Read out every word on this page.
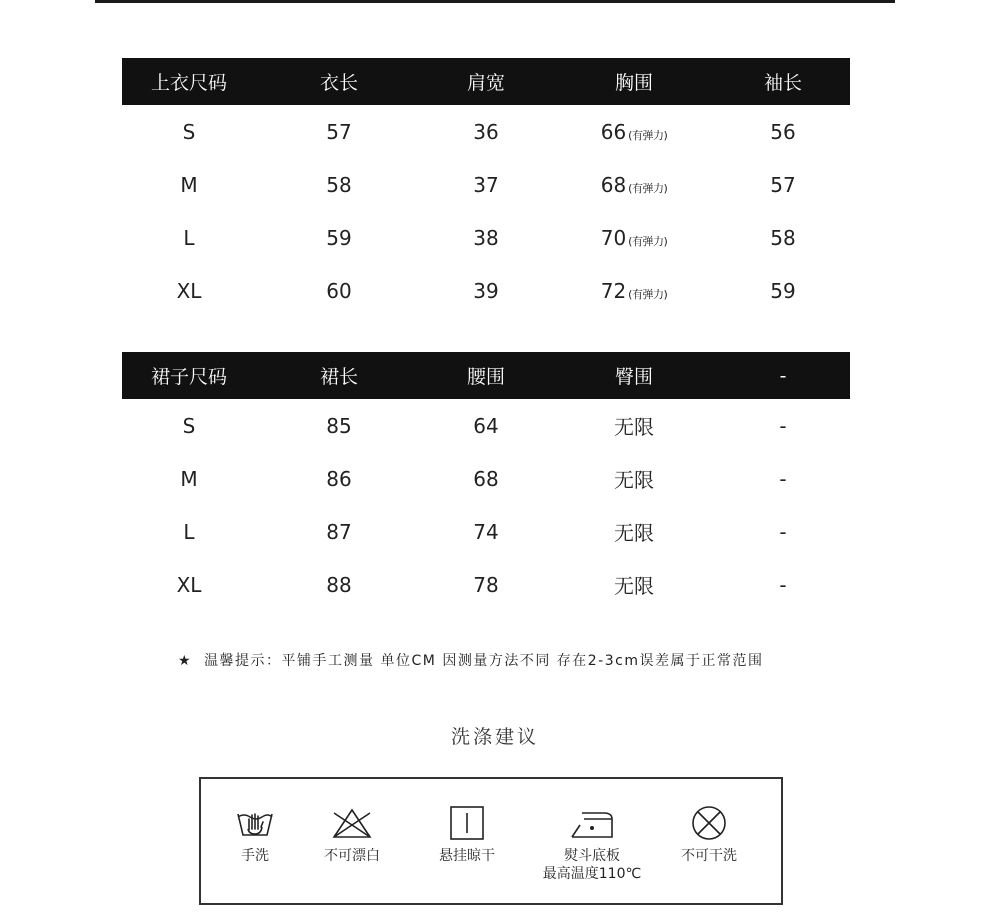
上衣尺码	衣长	肩宽	胸围	袖长
S	57	36	66 (有弹力)	56
M	58	37	68 (有弹力)	57
L	59	38	70 (有弹力)	58
XL	60	39	72 (有弹力)	59
裙子尺码	裙长	腰围	臀围	-
S	85	64	无限	-
M	86	68	无限	-
L	87	74	无限	-
XL	88	78	无限	-
★ 温馨提示：平铺手工测量 单位CM 因测量方法不同 存在2-3cm误差属于正常范围
洗涤建议
手洗	不可漂白	悬挂晾干	熨斗底板
最高温度110℃
不可干洗
